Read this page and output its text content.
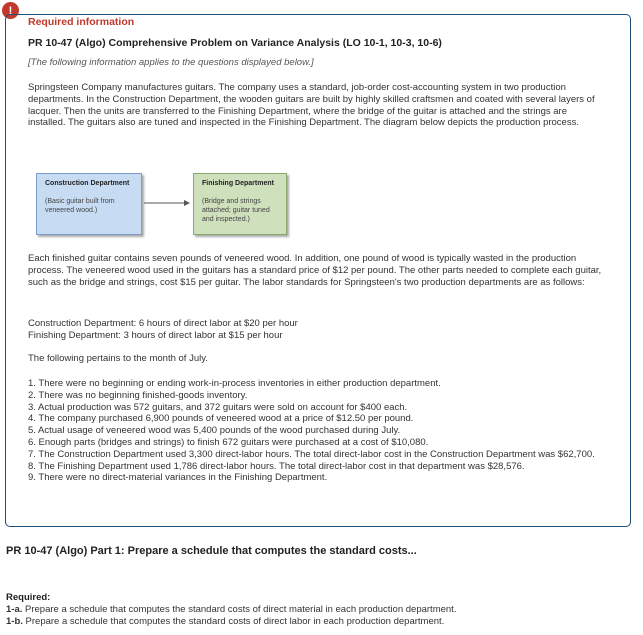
!
Required information
PR 10-47 (Algo) Comprehensive Problem on Variance Analysis (LO 10-1, 10-3, 10-6)
[The following information applies to the questions displayed below.]
Springsteen Company manufactures guitars. The company uses a standard, job-order cost-accounting system in two production departments. In the Construction Department, the wooden guitars are built by highly skilled craftsmen and coated with several layers of lacquer. Then the units are transferred to the Finishing Department, where the bridge of the guitar is attached and the strings are installed. The guitars also are tuned and inspected in the Finishing Department. The diagram below depicts the production process.
Construction Department
(Basic guitar built from veneered wood.)
Finishing Department
(Bridge and strings attached; guitar tuned and inspected.)
Each finished guitar contains seven pounds of veneered wood. In addition, one pound of wood is typically wasted in the production process. The veneered wood used in the guitars has a standard price of $12 per pound. The other parts needed to complete each guitar, such as the bridge and strings, cost $15 per guitar. The labor standards for Springsteen's two production departments are as follows:
Construction Department: 6 hours of direct labor at $20 per hour
Finishing Department: 3 hours of direct labor at $15 per hour
The following pertains to the month of July.
1. There were no beginning or ending work-in-process inventories in either production department.
2. There was no beginning finished-goods inventory.
3. Actual production was 572 guitars, and 372 guitars were sold on account for $400 each.
4. The company purchased 6,900 pounds of veneered wood at a price of $12.50 per pound.
5. Actual usage of veneered wood was 5,400 pounds of the wood purchased during July.
6. Enough parts (bridges and strings) to finish 672 guitars were purchased at a cost of $10,080.
7. The Construction Department used 3,300 direct-labor hours. The total direct-labor cost in the Construction Department was $62,700.
8. The Finishing Department used 1,786 direct-labor hours. The total direct-labor cost in that department was $28,576.
9. There were no direct-material variances in the Finishing Department.
PR 10-47 (Algo) Part 1: Prepare a schedule that computes the standard costs...
Required:
1-a. Prepare a schedule that computes the standard costs of direct material in each production department.
1-b. Prepare a schedule that computes the standard costs of direct labor in each production department.
